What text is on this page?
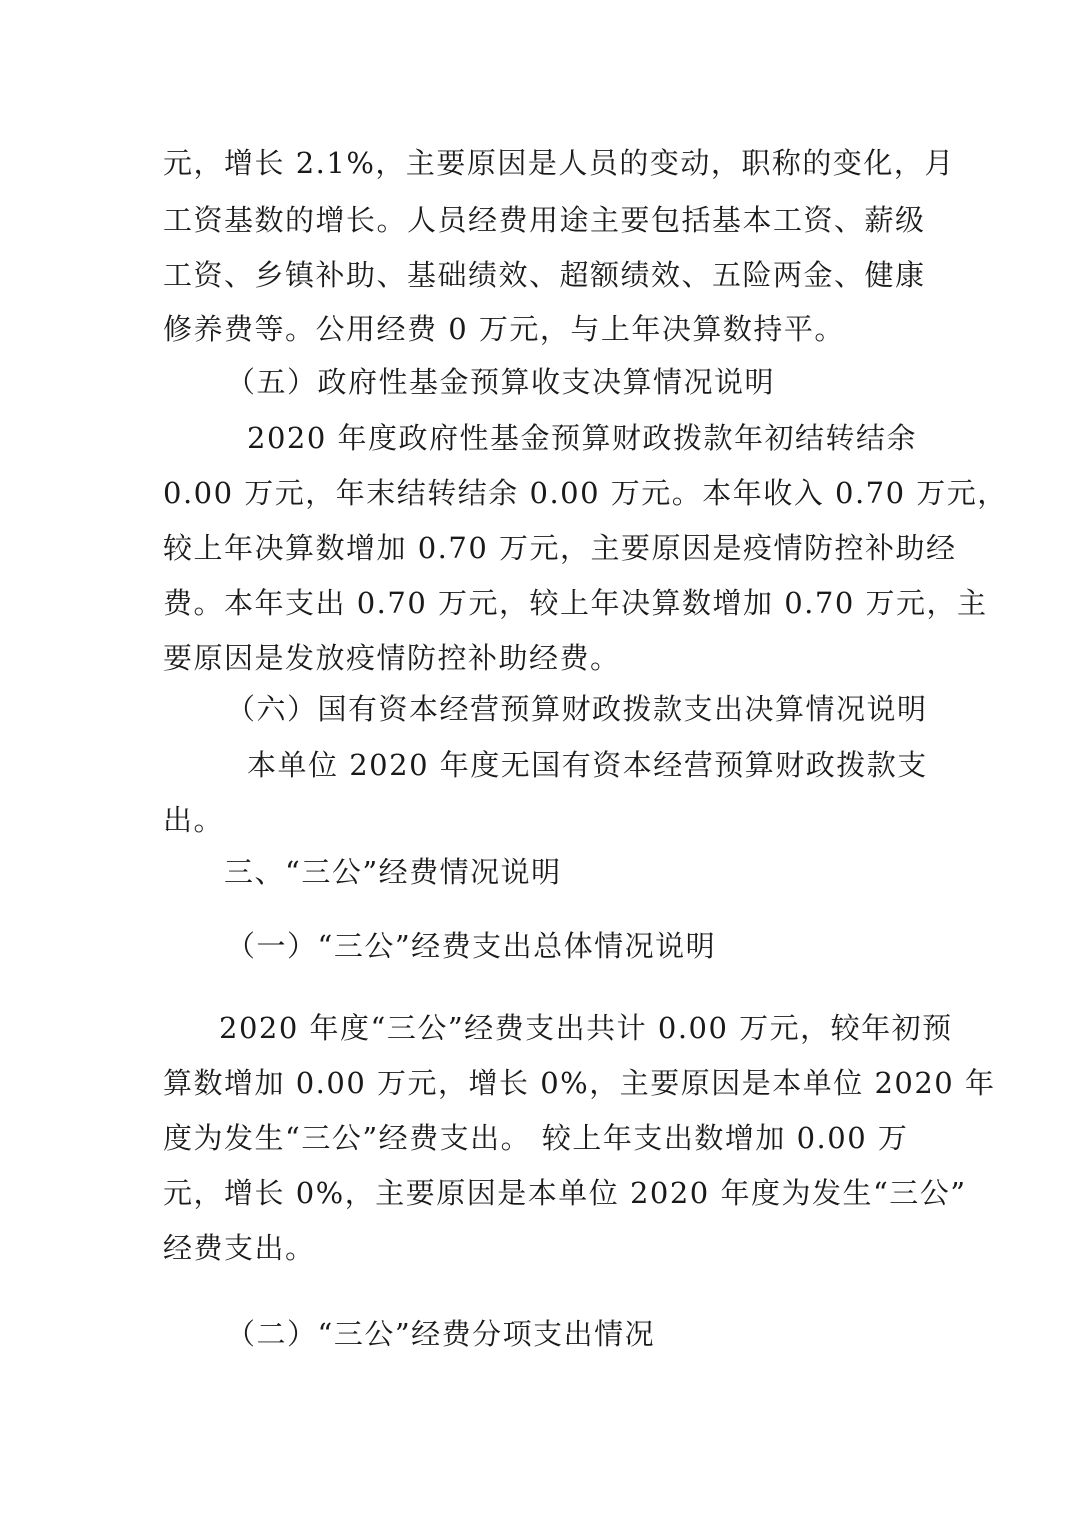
元，增长 2.1%，主要原因是人员的变动，职称的变化，月
工资基数的增长。人员经费用途主要包括基本工资、薪级
工资、乡镇补助、基础绩效、超额绩效、五险两金、健康
修养费等。公用经费 0 万元，与上年决算数持平。
（五）政府性基金预算收支决算情况说明
2020 年度政府性基金预算财政拨款年初结转结余
0.00 万元，年末结转结余 0.00 万元。本年收入 0.70 万元，
较上年决算数增加 0.70 万元，主要原因是疫情防控补助经
费。本年支出 0.70 万元，较上年决算数增加 0.70 万元，主
要原因是发放疫情防控补助经费。
（六）国有资本经营预算财政拨款支出决算情况说明
本单位 2020 年度无国有资本经营预算财政拨款支
出。
三、“三公”经费情况说明
（一）“三公”经费支出总体情况说明
2020 年度“三公”经费支出共计 0.00 万元，较年初预
算数增加 0.00 万元，增长 0%，主要原因是本单位 2020 年
度为发生“三公”经费支出。 较上年支出数增加 0.00 万
元，增长 0%，主要原因是本单位 2020 年度为发生“三公”
经费支出。
（二）“三公”经费分项支出情况
